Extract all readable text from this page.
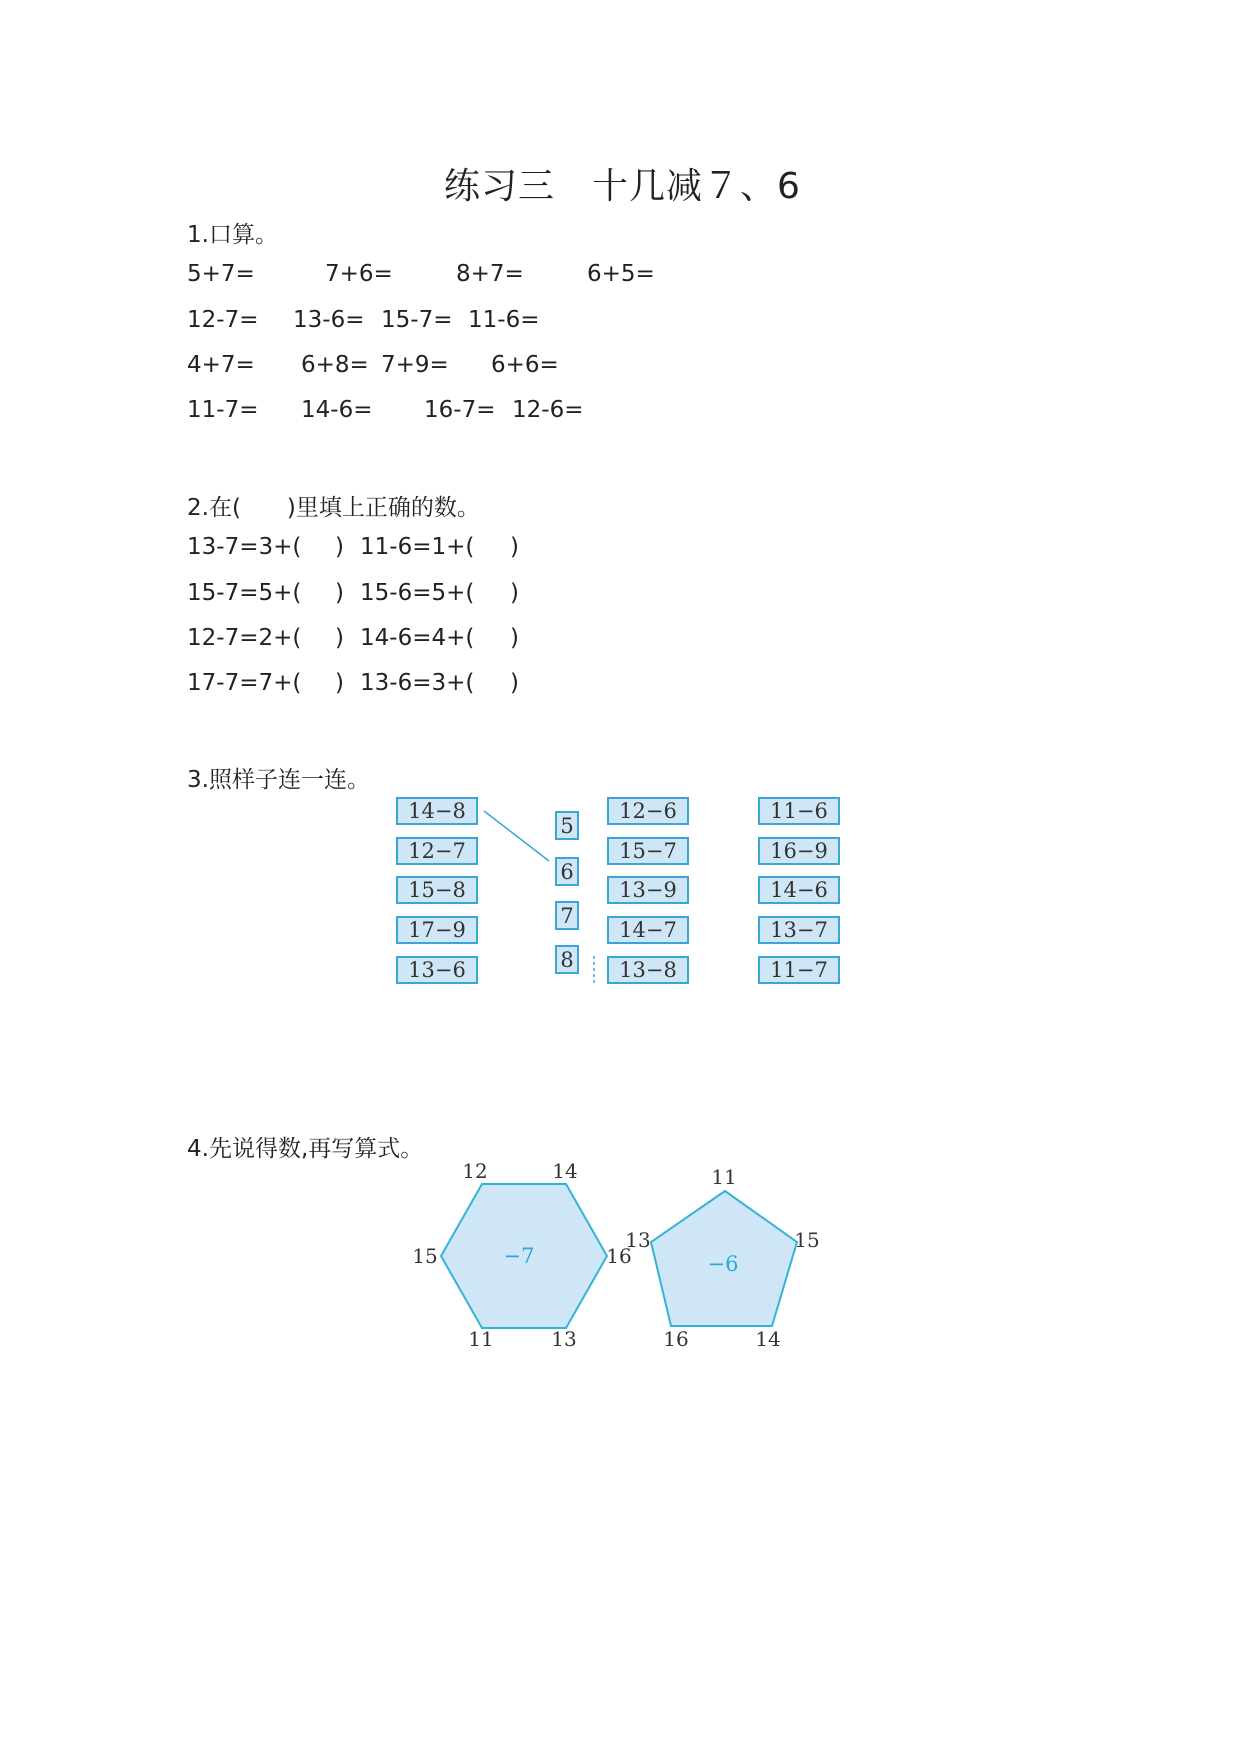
练习三　十几减７、6
1.口算。
5+7=	7+6=	8+7=	6+5=
12-7= 13-6= 15-7= 11-6=
4+7= 6+8= 7+9= 6+6=
11-7= 14-6= 16-7= 12-6=
2.在(　　)里填上正确的数。
13-7=3+( ) 11-6=1+( )
15-7=5+( ) 15-6=5+( )
12-7=2+( ) 14-6=4+( )
17-7=7+( ) 13-6=3+( )
3.照样子连一连。
14−8
12−7
15−8
17−9
13−6
5
6
7
8
12−6
15−7
13−9
14−7
13−8
11−6
16−9
14−6
13−7
11−7
4.先说得数,再写算式。
−7
12	14
15	16
11	13
−6
11
13	15
16	14
